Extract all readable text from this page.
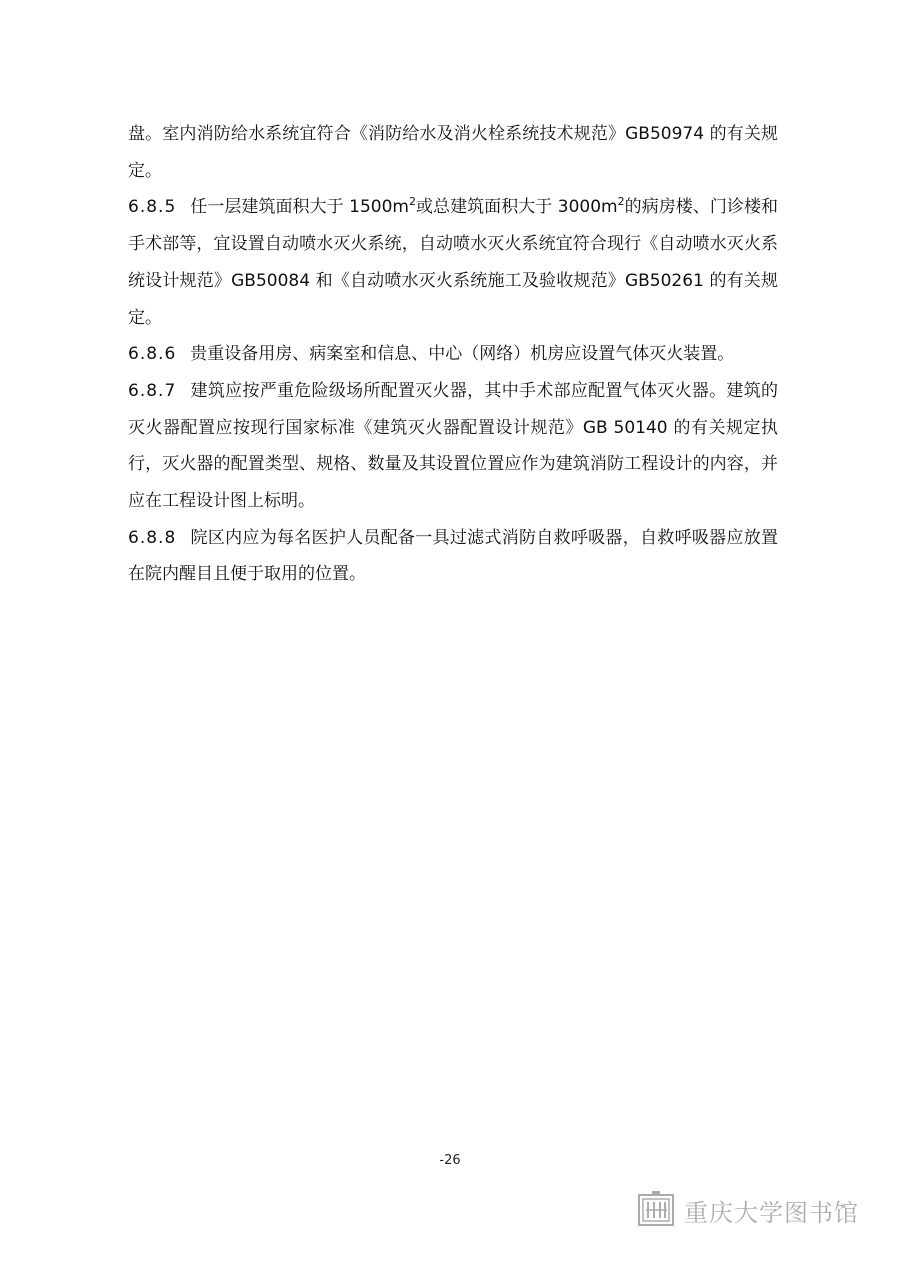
盘。室内消防给水系统宜符合《消防给水及消火栓系统技术规范》GB50974 的有关规定。

6.8.5 任一层建筑面积大于 $1500m^2$或总建筑面积大于 $3000m^2$的病房楼、门诊楼和手术部等，宜设置自动喷水灭火系统，自动喷水灭火系统宜符合现行《自动喷水灭火系统设计规范》GB50084 和《自动喷水灭火系统施工及验收规范》GB50261 的有关规定。

6.8.6 贵重设备用房、病案室和信息、中心（网络）机房应设置气体灭火装置。

6.8.7 建筑应按严重危险级场所配置灭火器，其中手术部应配置气体灭火器。建筑的灭火器配置应按现行国家标准《建筑灭火器配置设计规范》GB 50140 的有关规定执行，灭火器的配置类型、规格、数量及其设置位置应作为建筑消防工程设计的内容，并应在工程设计图上标明。

6.8.8 院区内应为每名医护人员配备一具过滤式消防自救呼吸器，自救呼吸器应放置在院内醒目且便于取用的位置。

-26
重庆大学图书馆
